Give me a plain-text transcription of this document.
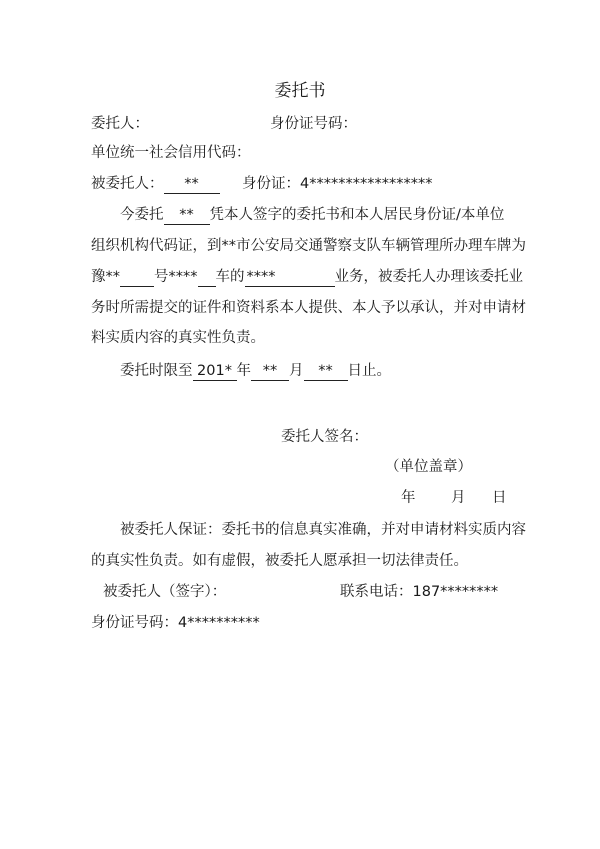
委托书
委托人：	身份证号码：
单位统一社会信用代码：
被委托人： **	身份证：4*****************
今委托 ** 凭本人签字的委托书和本人居民身份证/本单位
组织机构代码证，到**市公安局交通警察支队车辆管理所办理车牌为
豫** 号**** 车的 ****	业务，被委托人办理该委托业
务时所需提交的证件和资料系本人提供、本人予以承认，并对申请材
料实质内容的真实性负责。
委托时限至 201* 年 ** 月 ** 日止。
委托人签名：
（单位盖章）
年 月 日
被委托人保证：委托书的信息真实准确，并对申请材料实质内容
的真实性负责。如有虚假，被委托人愿承担一切法律责任。
被委托人（签字）：	联系电话：187********
身份证号码：4**********
